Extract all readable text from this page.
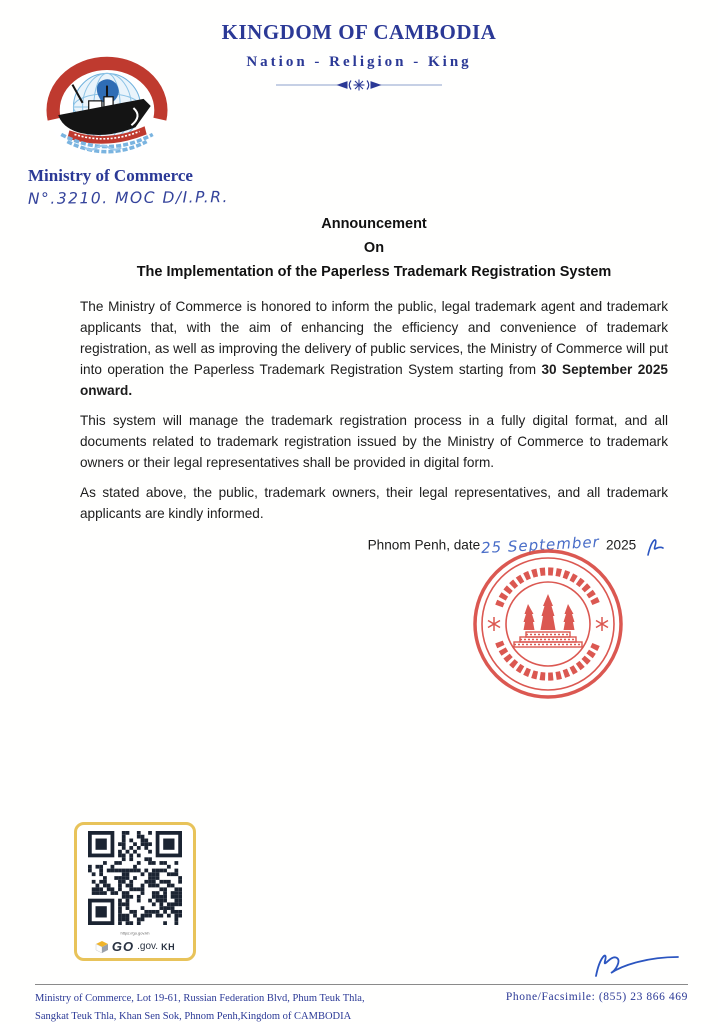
KINGDOM OF CAMBODIA
Nation - Religion - King
Ministry of Commerce
N°.3210. MOC D/I.P.R.
Announcement
On
The Implementation of the Paperless Trademark Registration System

The Ministry of Commerce is honored to inform the public, legal trademark agent and trademark applicants that, with the aim of enhancing the efficiency and convenience of trademark registration, as well as improving the delivery of public services, the Ministry of Commerce will put into operation the Paperless Trademark Registration System starting from 30 September 2025 onward.

This system will manage the trademark registration process in a fully digital format, and all documents related to trademark registration issued by the Ministry of Commerce to trademark owners or their legal representatives shall be provided in digital form.

As stated above, the public, trademark owners, their legal representatives, and all trademark applicants are kindly informed.

Phnom Penh, date25 September 2025
https://go.gov.kh
GO .gov. KH
Ministry of Commerce, Lot 19-61, Russian Federation Blvd, Phum Teuk Thla,
Sangkat Teuk Thla, Khan Sen Sok, Phnom Penh,Kingdom of CAMBODIA
Phone/Facsimile: (855) 23 866 469
